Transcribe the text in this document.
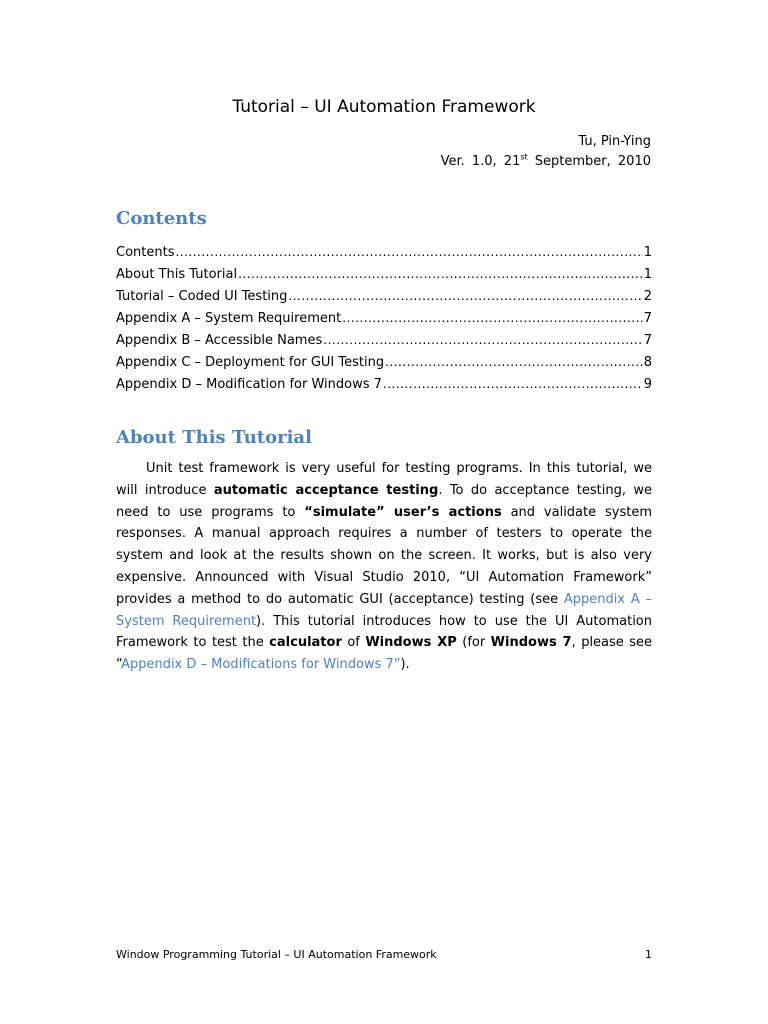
Tutorial – UI Automation Framework
Tu, Pin-Ying
Ver. 1.0, 21st September, 2010
Contents
Contents .....	1
About This Tutorial .....	1
Tutorial – Coded UI Testing .....	2
Appendix A – System Requirement .....	7
Appendix B – Accessible Names .....	7
Appendix C – Deployment for GUI Testing .....	8
Appendix D – Modification for Windows 7 .....	9
About This Tutorial

Unit test framework is very useful for testing programs. In this tutorial, we will introduce automatic acceptance testing. To do acceptance testing, we need to use programs to “simulate” user’s actions and validate system responses. A manual approach requires a number of testers to operate the system and look at the results shown on the screen. It works, but is also very expensive. Announced with Visual Studio 2010, “UI Automation Framework” provides a method to do automatic GUI (acceptance) testing (see Appendix A – System Requirement). This tutorial introduces how to use the UI Automation Framework to test the calculator of Windows XP (for Windows 7, please see “Appendix D – Modifications for Windows 7”).

Window Programming Tutorial – UI Automation Framework	1
